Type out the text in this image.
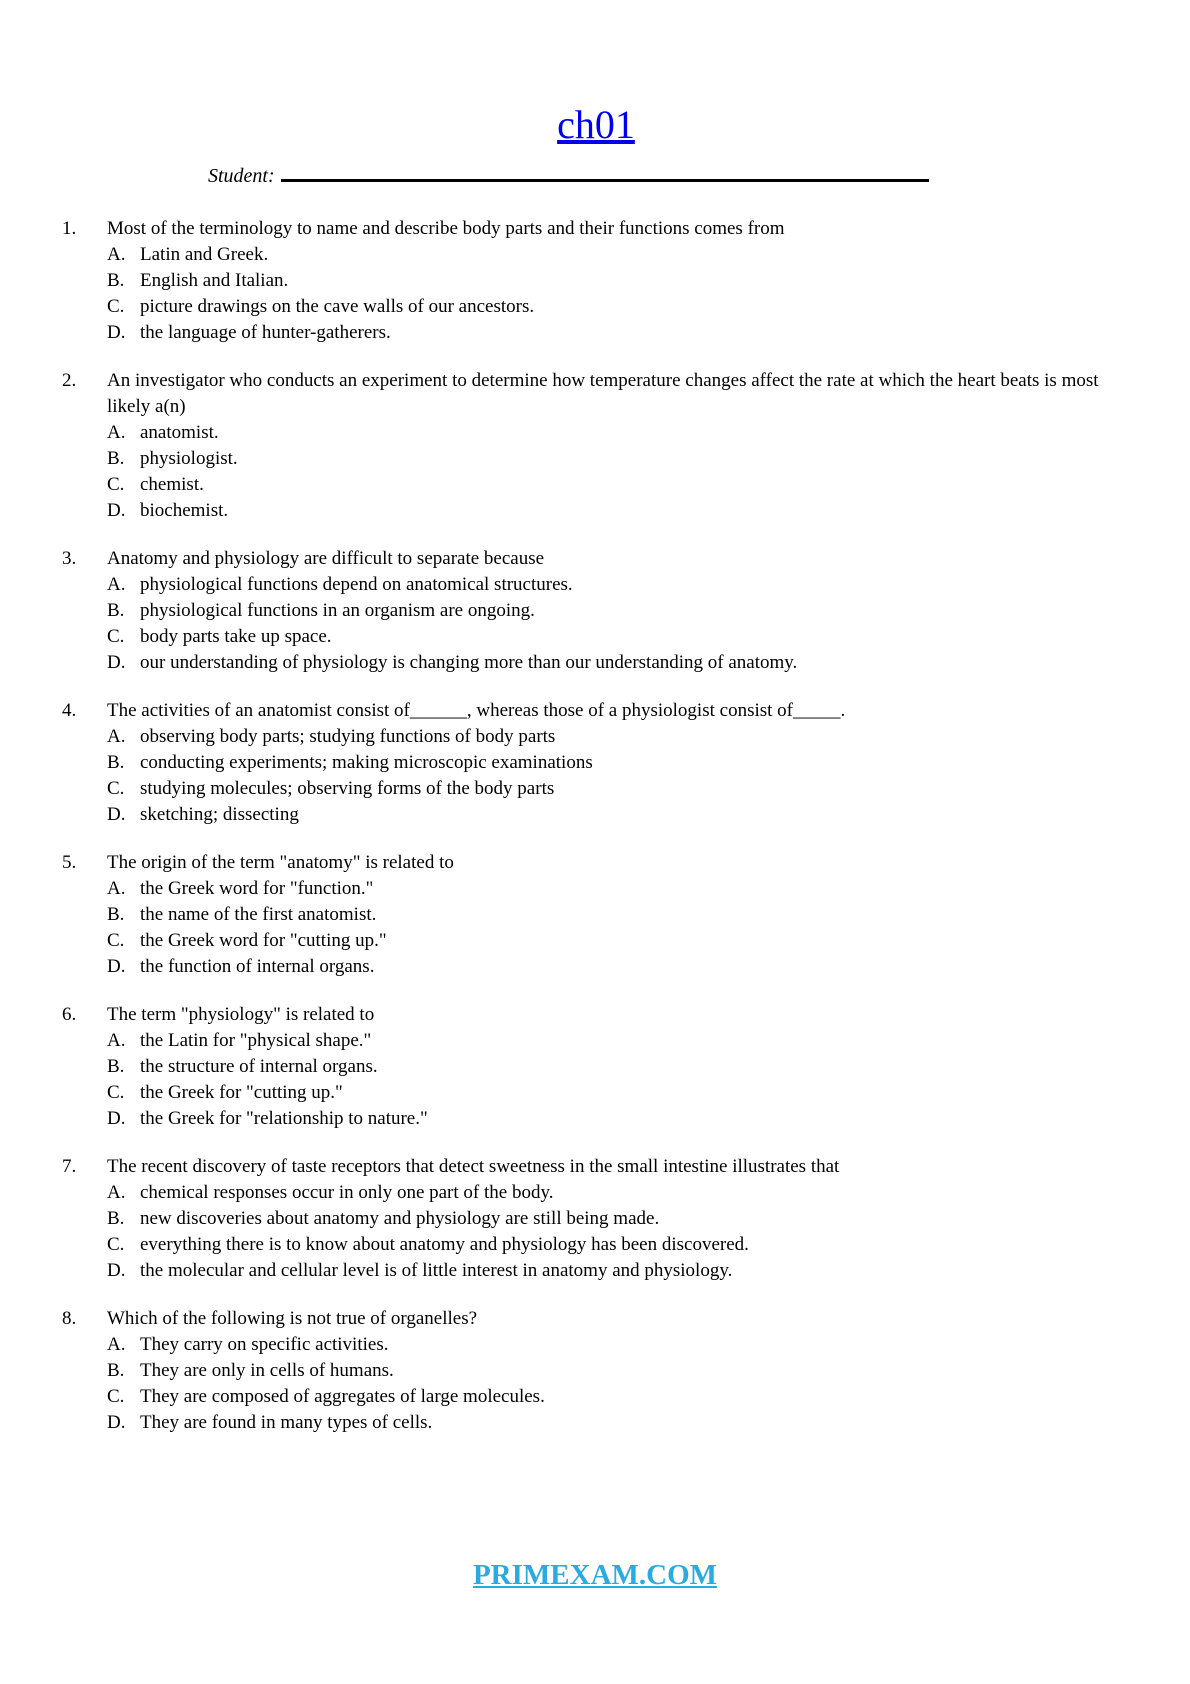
ch01
Student:
1.	Most of the terminology to name and describe body parts and their functions comes from
A. Latin and Greek.
B. English and Italian.
C. picture drawings on the cave walls of our ancestors.
D. the language of hunter-gatherers.
2.	An investigator who conducts an experiment to determine how temperature changes affect the rate at which the heart beats is most likely a(n)
A. anatomist.
B. physiologist.
C. chemist.
D. biochemist.
3.	Anatomy and physiology are difficult to separate because
A. physiological functions depend on anatomical structures.
B. physiological functions in an organism are ongoing.
C. body parts take up space.
D. our understanding of physiology is changing more than our understanding of anatomy.
4.	The activities of an anatomist consist of______, whereas those of a physiologist consist of_____.
A. observing body parts; studying functions of body parts
B. conducting experiments; making microscopic examinations
C. studying molecules; observing forms of the body parts
D. sketching; dissecting
5.	The origin of the term "anatomy" is related to
A. the Greek word for "function."
B. the name of the first anatomist.
C. the Greek word for "cutting up."
D. the function of internal organs.
6.	The term "physiology" is related to
A. the Latin for "physical shape."
B. the structure of internal organs.
C. the Greek for "cutting up."
D. the Greek for "relationship to nature."
7.	The recent discovery of taste receptors that detect sweetness in the small intestine illustrates that
A. chemical responses occur in only one part of the body.
B. new discoveries about anatomy and physiology are still being made.
C. everything there is to know about anatomy and physiology has been discovered.
D. the molecular and cellular level is of little interest in anatomy and physiology.
8.	Which of the following is not true of organelles?
A. They carry on specific activities.
B. They are only in cells of humans.
C. They are composed of aggregates of large molecules.
D. They are found in many types of cells.
PRIMEXAM.COM
